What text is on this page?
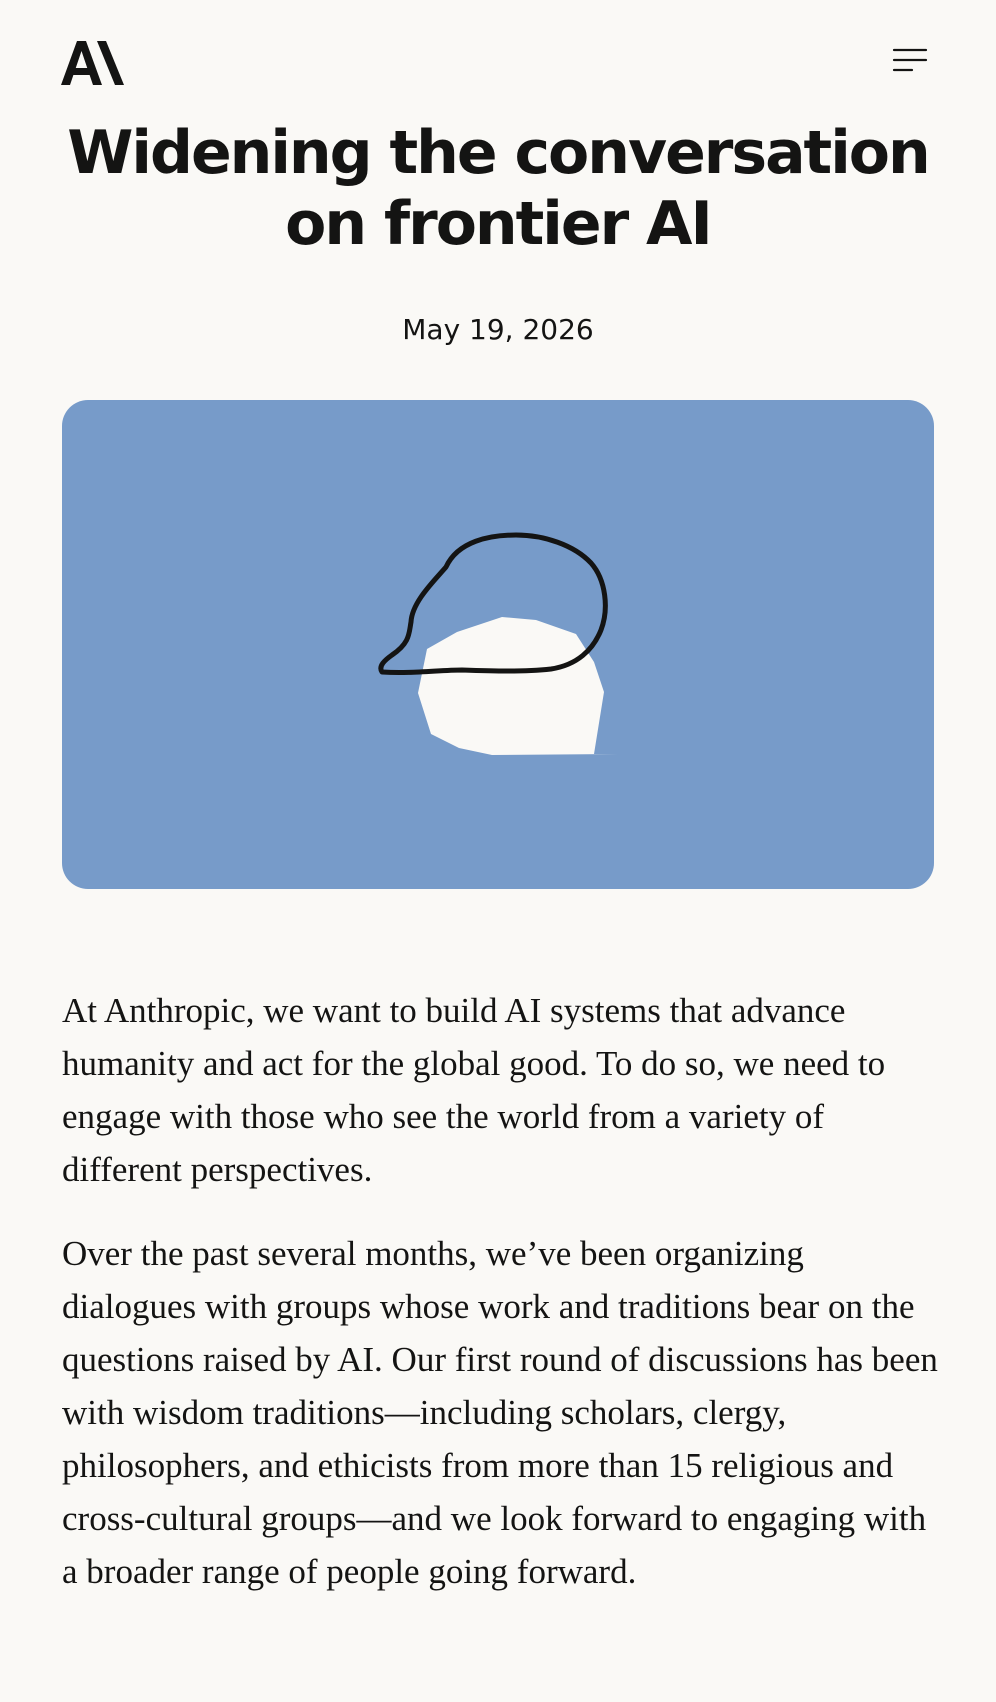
Widening the conversation on frontier AI
May 19, 2026

At Anthropic, we want to build AI systems that advance humanity and act for the global good. To do so, we need to engage with those who see the world from a variety of different perspectives.

Over the past several months, we’ve been organizing dialogues with groups whose work and traditions bear on the questions raised by AI. Our first round of discussions has been with wisdom traditions—including scholars, clergy, philosophers, and ethicists from more than 15 religious and cross-cultural groups—and we look forward to engaging with a broader range of people going forward.
